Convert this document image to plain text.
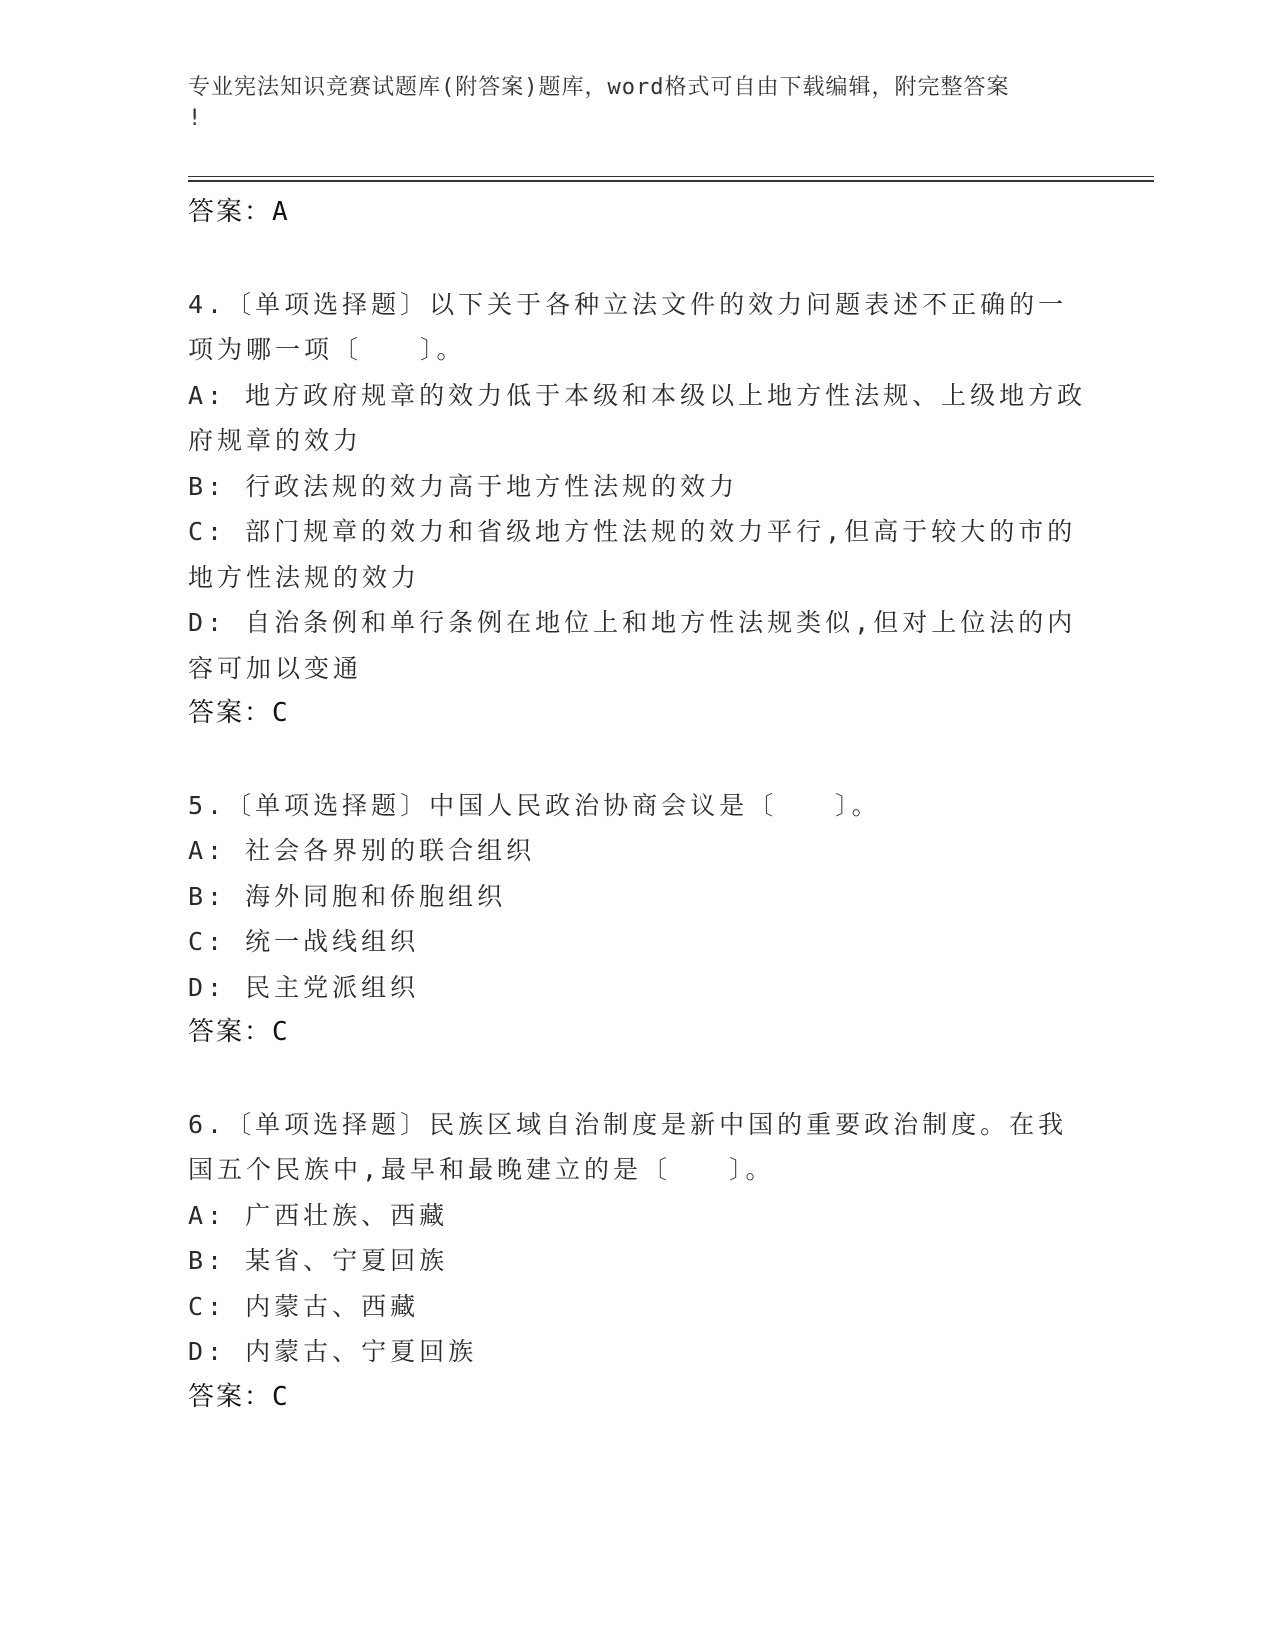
专业宪法知识竞赛试题库(附答案)题库，word格式可自由下载编辑，附完整答案
!
答案：A
4.〔单项选择题〕以下关于各种立法文件的效力问题表述不正确的一
项为哪一项〔　　〕。
A: 地方政府规章的效力低于本级和本级以上地方性法规、上级地方政
府规章的效力
B: 行政法规的效力高于地方性法规的效力
C: 部门规章的效力和省级地方性法规的效力平行,但高于较大的市的
地方性法规的效力
D: 自治条例和单行条例在地位上和地方性法规类似,但对上位法的内
容可加以变通
答案：C
5.〔单项选择题〕中国人民政治协商会议是〔　　〕。
A: 社会各界别的联合组织
B: 海外同胞和侨胞组织
C: 统一战线组织
D: 民主党派组织
答案：C
6.〔单项选择题〕民族区域自治制度是新中国的重要政治制度。在我
国五个民族中,最早和最晚建立的是〔　　〕。
A: 广西壮族、西藏
B: 某省、宁夏回族
C: 内蒙古、西藏
D: 内蒙古、宁夏回族
答案：C
